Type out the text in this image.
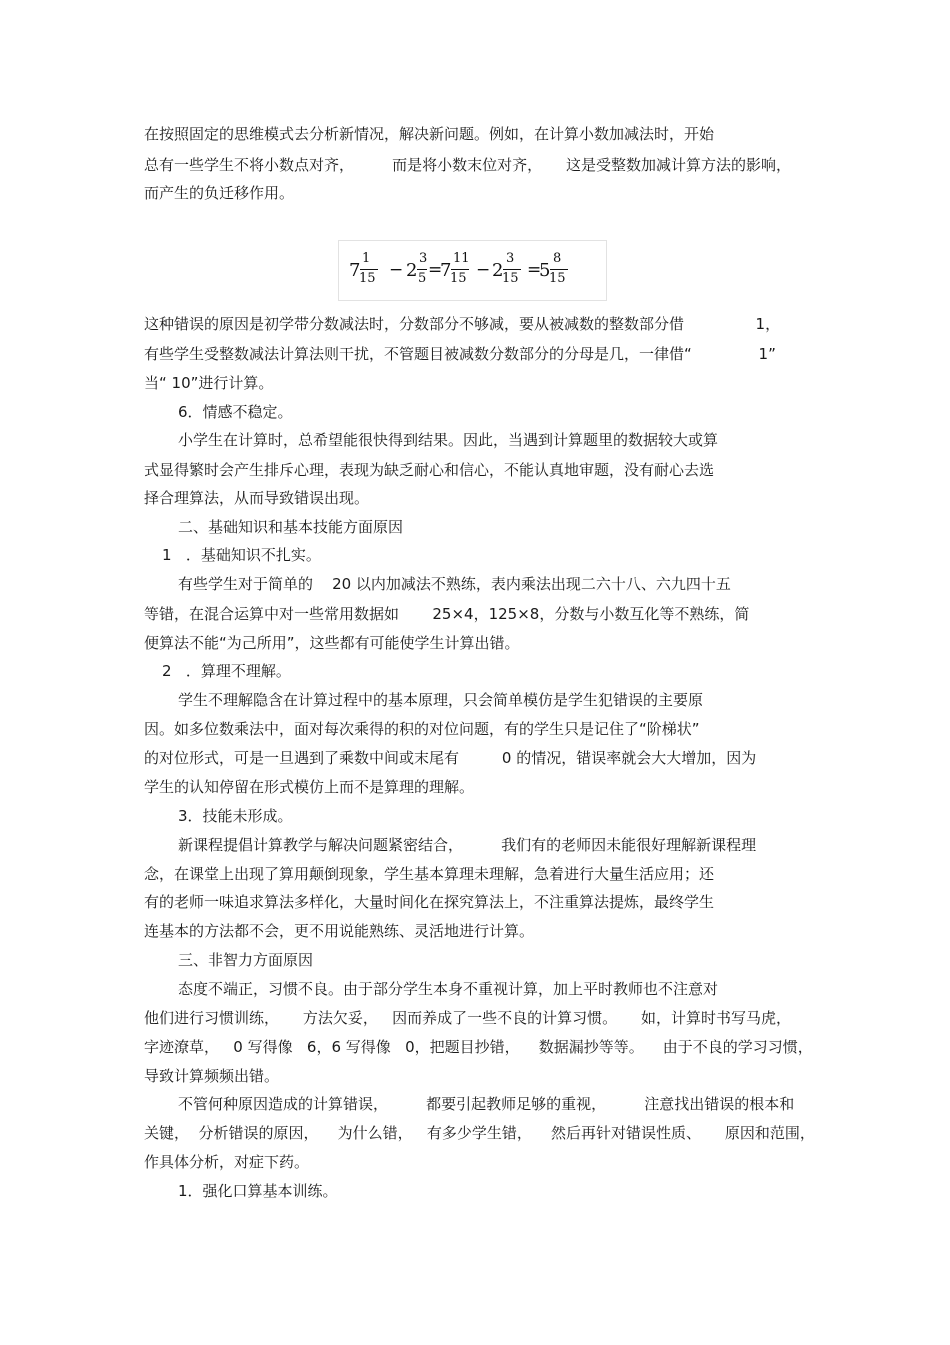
在按照固定的思维模式去分析新情况，解决新问题。例如，在计算小数加减法时，开始
总有一些学生不将小数点对齐，        而是将小数末位对齐，     这是受整数加减计算方法的影响，
而产生的负迁移作用。
7
1
15 − 2
3
5 =
7
11
15 − 2
3
15 =
5
8
15
这种错误的原因是初学带分数减法时，分数部分不够减，要从被减数的整数部分借               1，
有些学生受整数减法计算法则干扰，不管题目被减数分数部分的分母是几，一律借“              1”
当“ 10”进行计算。
6．情感不稳定。
小学生在计算时，总希望能很快得到结果。因此，当遇到计算题里的数据较大或算
式显得繁时会产生排斥心理，表现为缺乏耐心和信心，不能认真地审题，没有耐心去选
择合理算法，从而导致错误出现。
二、基础知识和基本技能方面原因
1   ．基础知识不扎实。
有些学生对于简单的    20 以内加减法不熟练，表内乘法出现二六十八、六九四十五
等错，在混合运算中对一些常用数据如       25×4，125×8，分数与小数互化等不熟练，简
便算法不能“为己所用”，这些都有可能使学生计算出错。
2   ．算理不理解。
学生不理解隐含在计算过程中的基本原理，只会简单模仿是学生犯错误的主要原
因。如多位数乘法中，面对每次乘得的积的对位问题，有的学生只是记住了“阶梯状”
的对位形式，可是一旦遇到了乘数中间或末尾有         0 的情况，错误率就会大大增加，因为
学生的认知停留在形式模仿上而不是算理的理解。
3．技能未形成。
新课程提倡计算教学与解决问题紧密结合，        我们有的老师因未能很好理解新课程理
念，在课堂上出现了算用颠倒现象，学生基本算理未理解，急着进行大量生活应用；还
有的老师一味追求算法多样化，大量时间化在探究算法上，不注重算法提炼，最终学生
连基本的方法都不会，更不用说能熟练、灵活地进行计算。
三、非智力方面原因
态度不端正，习惯不良。由于部分学生本身不重视计算，加上平时教师也不注意对
他们进行习惯训练，     方法欠妥，   因而养成了一些不良的计算习惯。     如，计算时书写马虎，
字迹潦草，   0 写得像   6，6 写得像   0，把题目抄错，    数据漏抄等等。    由于不良的学习习惯，
导致计算频频出错。
不管何种原因造成的计算错误，        都要引起教师足够的重视，        注意找出错误的根本和
关键，  分析错误的原因，    为什么错，   有多少学生错，    然后再针对错误性质、     原因和范围，
作具体分析，对症下药。
1．强化口算基本训练。
